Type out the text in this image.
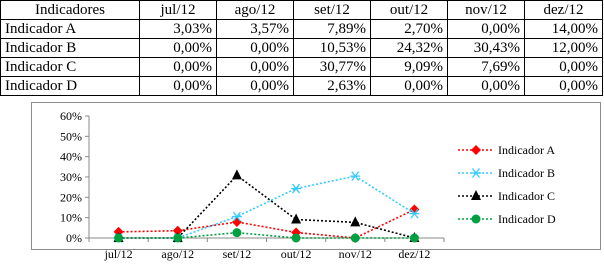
Indicadores	jul/12	ago/12	set/12	out/12	nov/12	dez/12
Indicador A	3,03%	3,57%	7,89%	2,70%	0,00%	14,00%
Indicador B	0,00%	0,00%	10,53%	24,32%	30,43%	12,00%
Indicador C	0,00%	0,00%	30,77%	9,09%	7,69%	0,00%
Indicador D	0,00%	0,00%	2,63%	0,00%	0,00%	0,00%
0%
10%
20%
30%
40%
50%
60%
jul/12 ago/12 set/12 out/12 nov/12 dez/12
Indicador A
Indicador B
Indicador C
Indicador D
